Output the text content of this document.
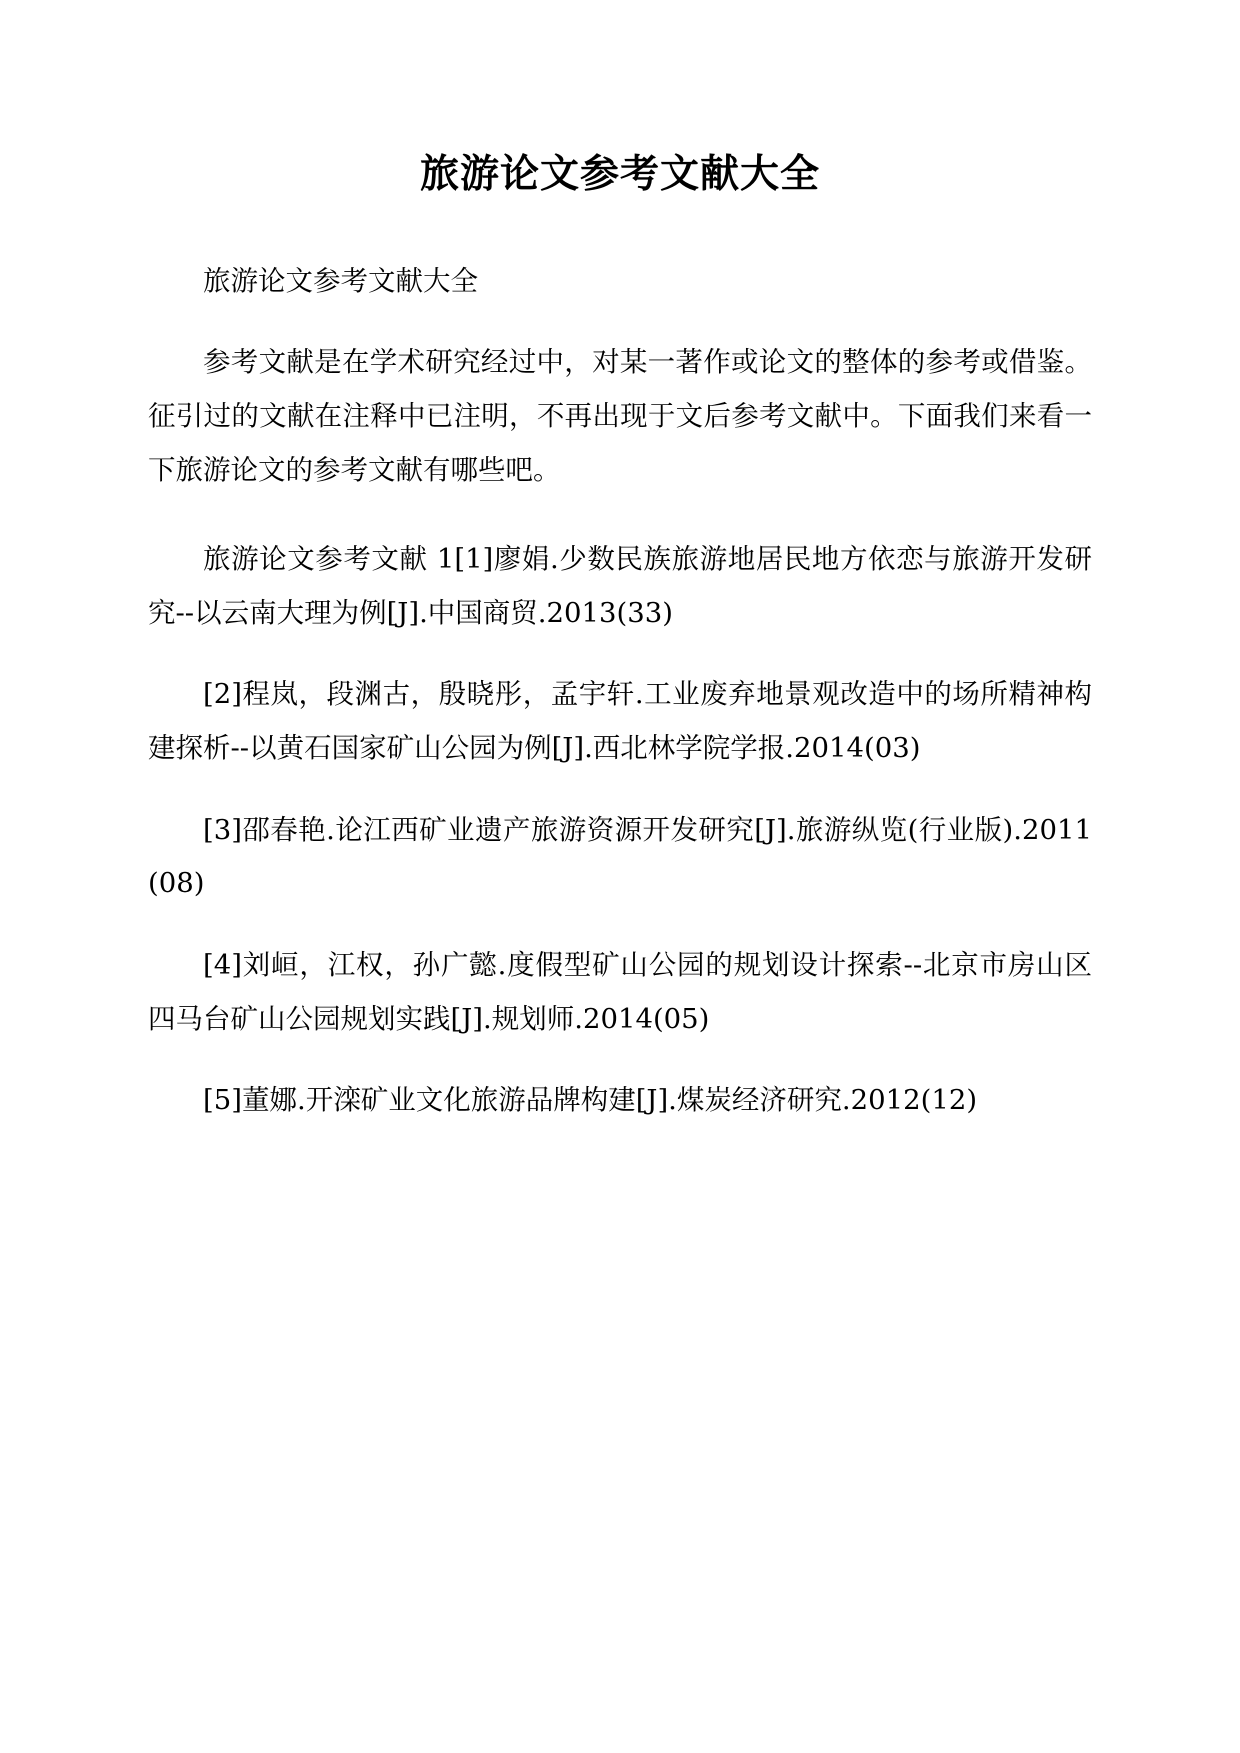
旅游论文参考文献大全

旅游论文参考文献大全

参考文献是在学术研究经过中，对某一著作或论文的整体的参考或借鉴。征引过的文献在注释中已注明，不再出现于文后参考文献中。下面我们来看一下旅游论文的参考文献有哪些吧。

旅游论文参考文献 1[1]廖娟.少数民族旅游地居民地方依恋与旅游开发研究--以云南大理为例[J].中国商贸.2013(33)

[2]程岚，段渊古，殷晓彤，孟宇轩.工业废弃地景观改造中的场所精神构建探析--以黄石国家矿山公园为例[J].西北林学院学报.2014(03)

[3]邵春艳.论江西矿业遗产旅游资源开发研究[J].旅游纵览(行业版).2011(08)

[4]刘峘，江权，孙广懿.度假型矿山公园的规划设计探索--北京市房山区四马台矿山公园规划实践[J].规划师.2014(05)

[5]董娜.开滦矿业文化旅游品牌构建[J].煤炭经济研究.2012(12)
